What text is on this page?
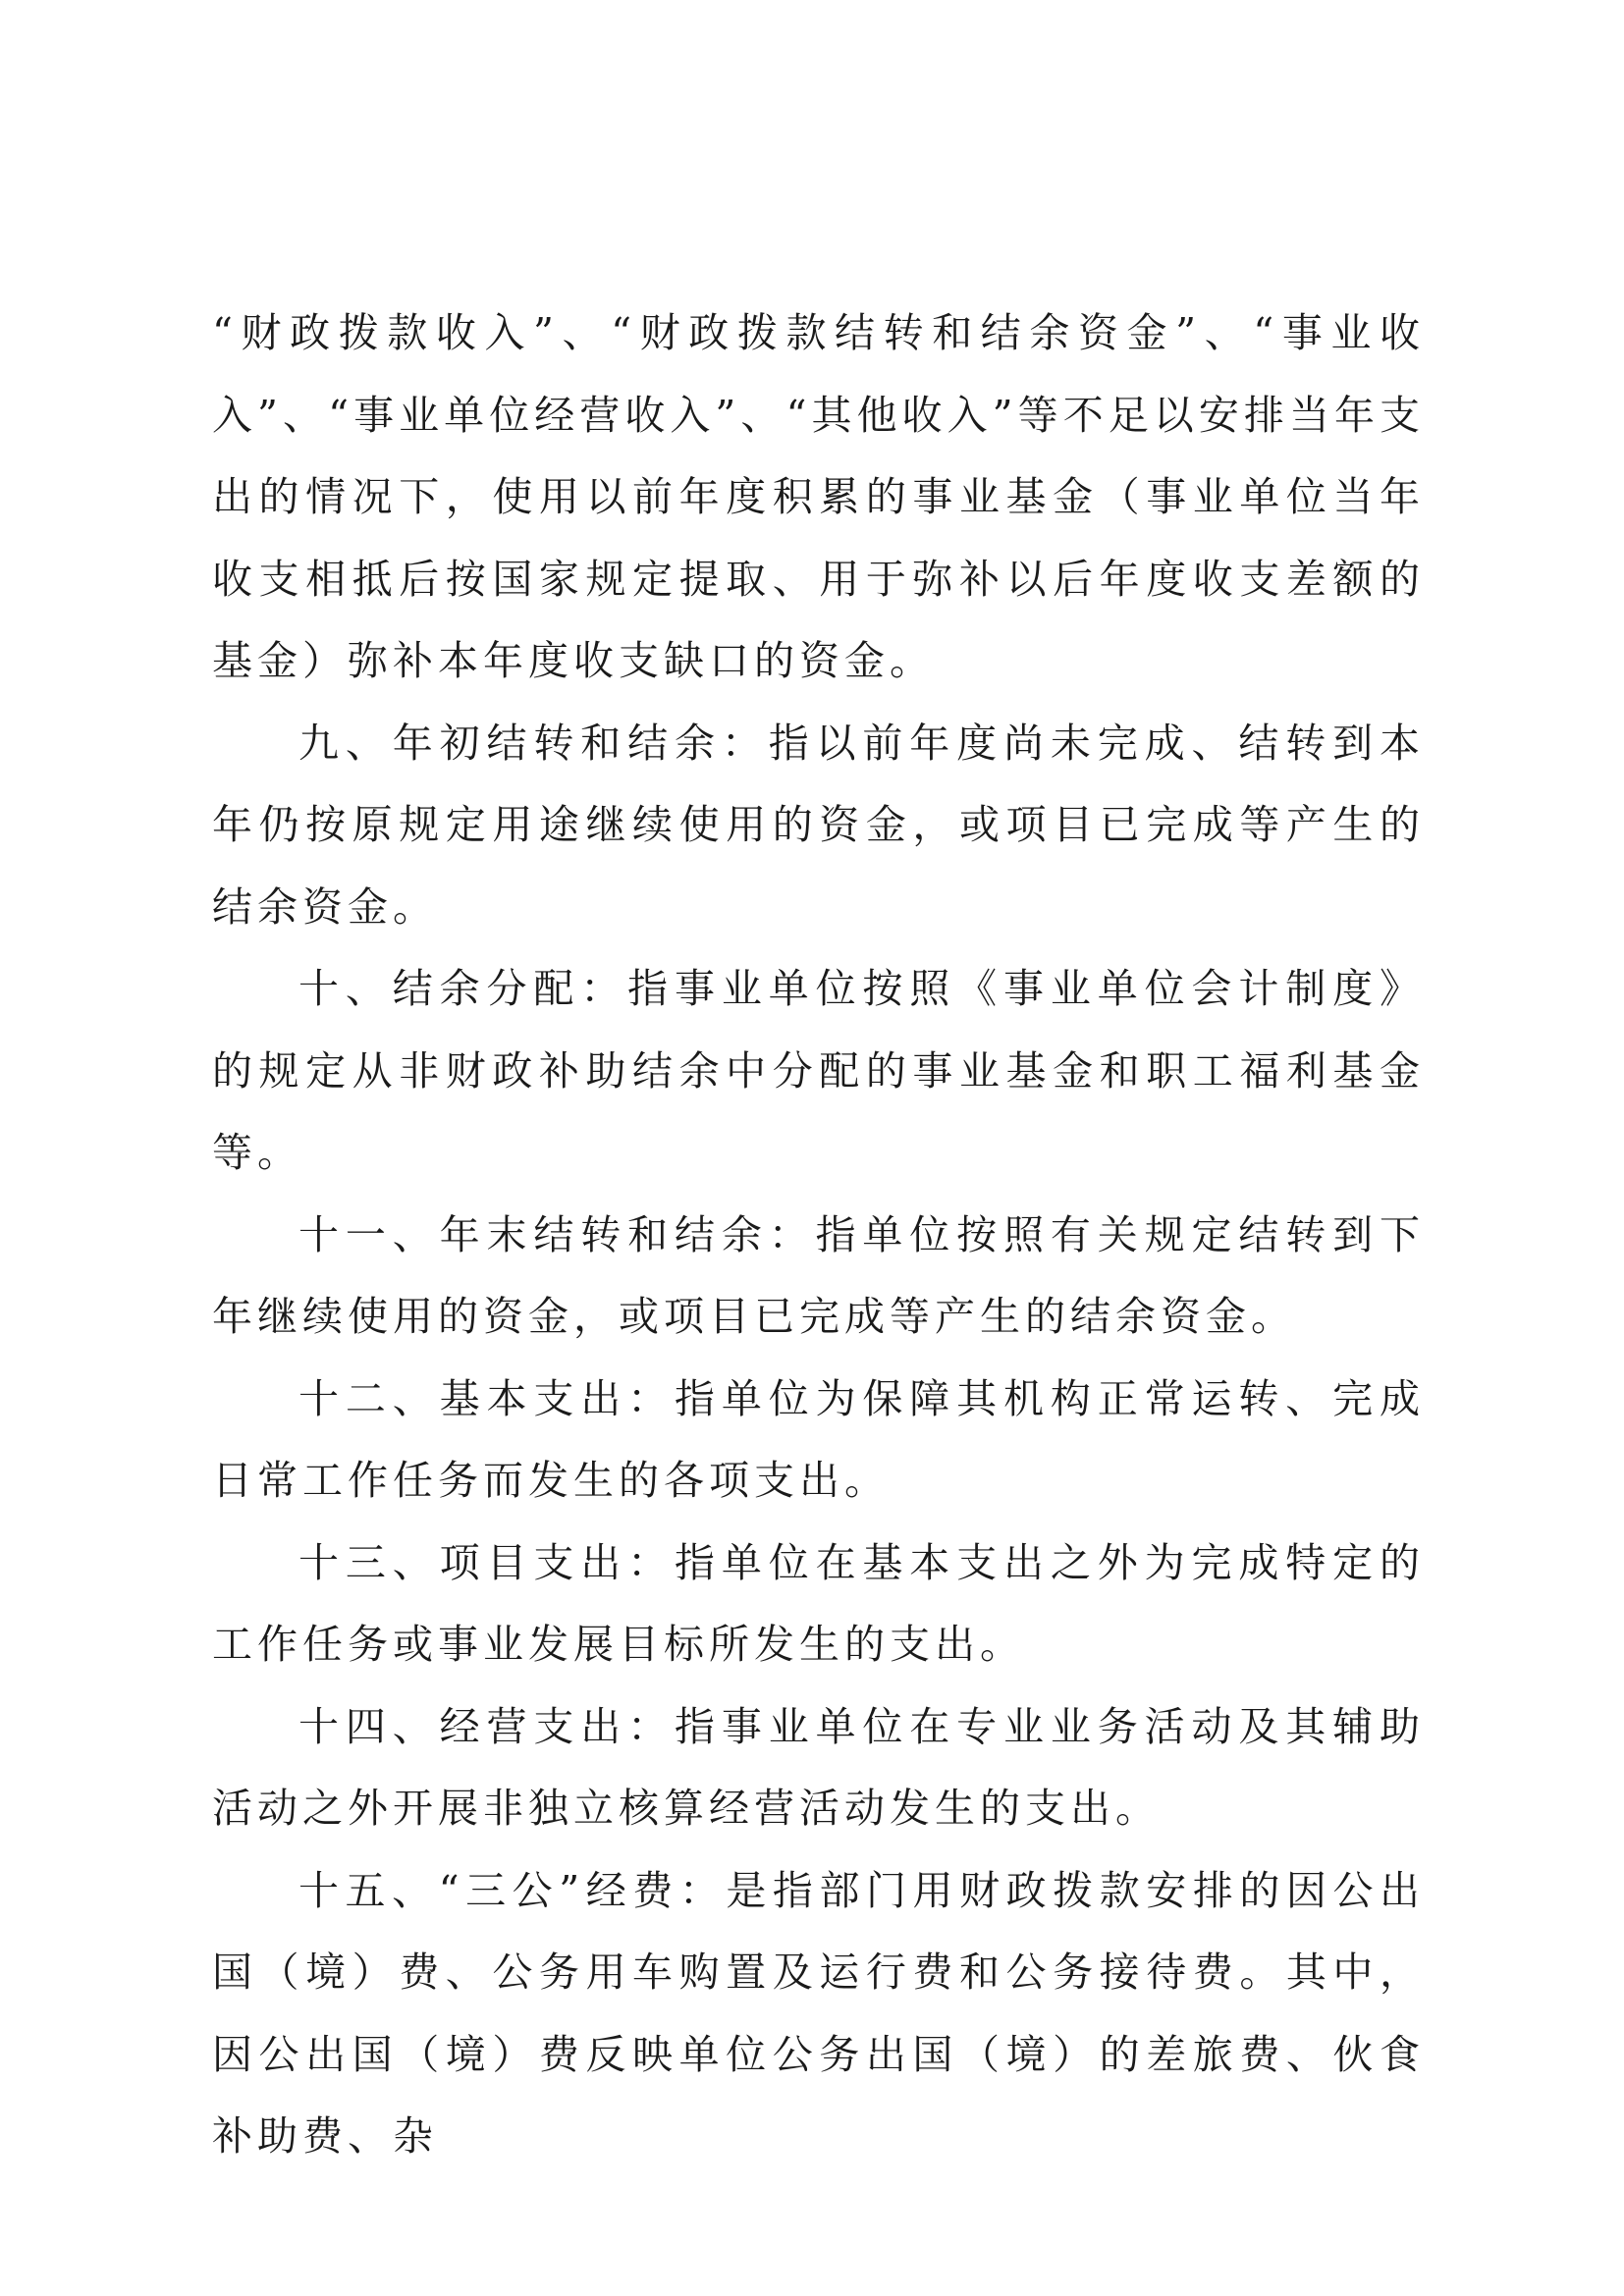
“财政拨款收入”、“财政拨款结转和结余资金”、“事业收入”、“事业单位经营收入”、“其他收入”等不足以安排当年支出的情况下，使用以前年度积累的事业基金（事业单位当年收支相抵后按国家规定提取、用于弥补以后年度收支差额的基金）弥补本年度收支缺口的资金。

九、年初结转和结余：指以前年度尚未完成、结转到本年仍按原规定用途继续使用的资金，或项目已完成等产生的结余资金。

十、结余分配：指事业单位按照《事业单位会计制度》的规定从非财政补助结余中分配的事业基金和职工福利基金等。

十一、年末结转和结余：指单位按照有关规定结转到下年继续使用的资金，或项目已完成等产生的结余资金。

十二、基本支出：指单位为保障其机构正常运转、完成日常工作任务而发生的各项支出。

十三、项目支出：指单位在基本支出之外为完成特定的工作任务或事业发展目标所发生的支出。

十四、经营支出：指事业单位在专业业务活动及其辅助活动之外开展非独立核算经营活动发生的支出。

十五、“三公”经费：是指部门用财政拨款安排的因公出国（境）费、公务用车购置及运行费和公务接待费。其中，因公出国（境）费反映单位公务出国（境）的差旅费、伙食补助费、杂
